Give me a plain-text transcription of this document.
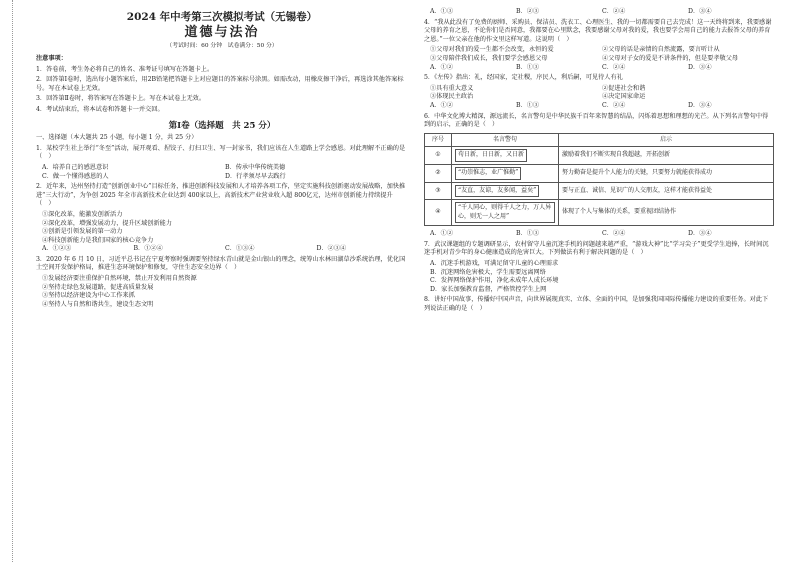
2024 年中考第三次模拟考试（无锡卷）
道德与法治
（考试时间：60 分钟　试卷满分：50 分）
注意事项：
1．答卷前，考生务必将自己的姓名、准考证号填写在答题卡上。
2．回答第Ⅰ卷时，选出每小题答案后，用2B铅笔把答题卡上对应题目的答案标号涂黑。如需改动，用橡皮擦干净后，再选涂其他答案标号。写在本试卷上无效。
3．回答第Ⅱ卷时，将答案写在答题卡上。写在本试卷上无效。
4．考试结束后，将本试卷和答题卡一并交回。
第Ⅰ卷（选择题　共 25 分）
一、选择题（本大题共 25 小题，每小题 1 分，共 25 分）
1．某校学生社上举行“冬至”活动，展开观看、捏饺子、打扫卫生、写一封家书，我们应该在人生道路上学会感恩。对此理解不正确的是（　）
A．培养自己的感恩意识	B．传承中华传统美德
C．做一个懂得感恩的人	D．行孝须尽早去践行
2．近年来，达州坚持打造“创新创业中心”目标任务，推进创新科技发展和人才培养各项工作，坚定实施科技创新驱动发展战略，加快推进“三大行动”，为争创 2025 年全市高新技术企业达到 400家以上，高新技术产业营业收入超 800亿元，达州市创新能力持续提升（　）
①深化改革，能激发创新活力
②深化改革，增强发展动力，提升区域创新能力
③创新是引领发展的第一动力
④科技创新能力是我们国家的核心竞争力
A．①②③	B．①②④	C．①③④	D．②③④
3．2020 年 6 月 10 日，习近平总书记在宁夏考察时强调要坚持绿水青山就是金山银山的理念，统筹山水林田湖草沙系统治理，优化国土空间开发保护格局，推进生态环境保护和修复，守住生态安全边界（　）
①发展经济要注重保护自然环境，禁止开发利用自然资源
②坚持走绿色发展道路，促进高质量发展
③坚持以经济建设为中心工作来抓
④坚持人与自然和谐共生，建设生态文明
A．①③	B．②③	C．②④	D．③④
4．“我从此没有了免费的厨师、采购员、保洁员、洗衣工、心理医生、我的一切都需要自己去完成！这一天终将到来，我要感谢父母的养育之恩，不论你们是否同意，我都要在心里默念，我要感谢父母对我的爱，我也要学会用自己的能力去报答父母的养育之恩。”一位父亲在他的作文里这样写道。这说明（　）
①父母对我们的爱一生都不会改变，永恒的爱	②父母的话是亲情的自然流露，要言听计从
③父母陪伴我们成长，我们要学会感恩父母	④父母对子女的爱是不讲条件的，但是要孝敬父母
A．①②	B．①③	C．②④	D．③④
5．《左传》指出：礼，经国家，定社稷，序民人，利后嗣，可见待人有礼
①具有重大意义	②促进社会和谐
③体现民主政治	④决定国家命运
A．①②	B．①③	C．②④	D．③④
6．中华文化博大精深，源远流长，名言警句是中华民族千百年来智慧的结晶，闪烁着思想和理想的光芒。从下列名言警句中得到的启示，正确的是（　）
序号	名言警句	启示
①	苟日新，日日新，又日新	激励着我们不断实现自我超越，开拓创新
②	“功崇惟志，业广惟勤”	努力勤奋是提升个人能力的关键，只要努力就能获得成功
③	“友直，友谅，友多闻，益矣”	要与正直、诚信、见识广的人交朋友，这样才能获得益处
④	“千人同心，则得千人之力，万人异心，则无一人之用”	体现了个人与集体的关系，要重视团结协作
A．①②	B．①③	C．②④	D．③④
7．武汉课题组的专题调研显示，农村留守儿童沉迷手机的问题越来越严重，“游戏大神”比“学习尖子”更受学生追捧，长时间沉迷手机对青少年的身心健康造成的危害巨大。下列做法有利于解决问题的是（　）
A．沉迷手机游戏，可满足留守儿童的心理需求
B．沉迷网络危害极大，学生需要远离网络
C．发挥网络保护作用，净化未成年人成长环境
D．家长加强教育监督，严格管控学生上网
8．讲好中国故事，传播好中国声音，向世界展现真实、立体、全面的中国，是加强我国国际传播能力建设的重要任务。对此下列说法正确的是（　）
